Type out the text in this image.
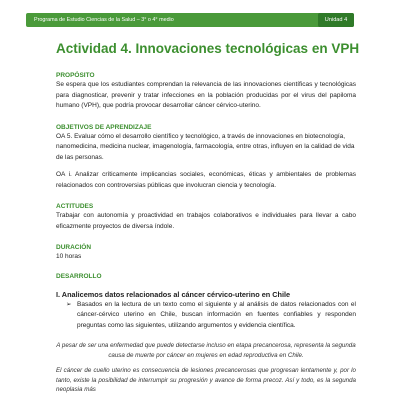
Programa de Estudio Ciencias de la Salud – 3° o 4° medio	Unidad 4
Actividad 4. Innovaciones tecnológicas en VPH
PROPÓSITO

Se espera que los estudiantes comprendan la relevancia de las innovaciones científicas y tecnológicas para diagnosticar, prevenir y tratar infecciones en la población producidas por el virus del papiloma humano (VPH), que podría provocar desarrollar cáncer cérvico-uterino.

OBJETIVOS DE APRENDIZAJE

OA 5. Evaluar cómo el desarrollo científico y tecnológico, a través de innovaciones en biotecnología, nanomedicina, medicina nuclear, imagenología, farmacología, entre otras, influyen en la calidad de vida de las personas.

OA i. Analizar críticamente implicancias sociales, económicas, éticas y ambientales de problemas relacionados con controversias públicas que involucran ciencia y tecnología.

ACTITUDES

Trabajar con autonomía y proactividad en trabajos colaborativos e individuales para llevar a cabo eficazmente proyectos de diversa índole.

DURACIÓN

10 horas

DESARROLLO
I. Analicemos datos relacionados al cáncer cérvico-uterino en Chile
➢ Basados en la lectura de un texto como el siguiente y al análisis de datos relacionados con el cáncer-cérvico uterino en Chile, buscan información en fuentes confiables y responden preguntas como las siguientes, utilizando argumentos y evidencia científica.

A pesar de ser una enfermedad que puede detectarse incluso en etapa precancerosa, representa la segunda causa de muerte por cáncer en mujeres en edad reproductiva en Chile.

El cáncer de cuello uterino es consecuencia de lesiones precancerosas que progresan lentamente y, por lo tanto, existe la posibilidad de interrumpir su progresión y avance de forma precoz. Así y todo, es la segunda neoplasia más
